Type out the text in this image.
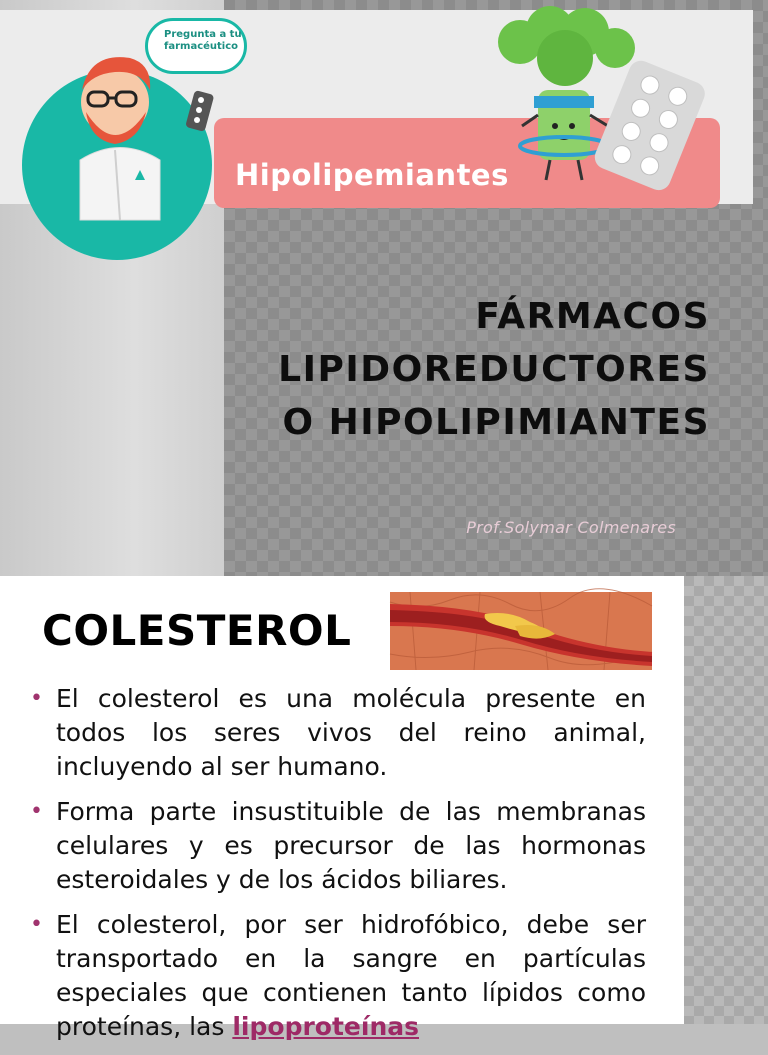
Pregunta a tu farmacéutico
Hipolipemiantes
FÁRMACOS
LIPIDOREDUCTORES
O HIPOLIPIMIANTES
Prof.Solymar Colmenares
COLESTEROL
• El colesterol es una molécula presente en todos los seres vivos del reino animal, incluyendo al ser humano.
• Forma parte insustituible de las membranas celulares y es precursor de las hormonas esteroidales y de los ácidos biliares.
• El colesterol, por ser hidrofóbico, debe ser transportado en la sangre en partículas especiales que contienen tanto lípidos como proteínas, las lipoproteínas
